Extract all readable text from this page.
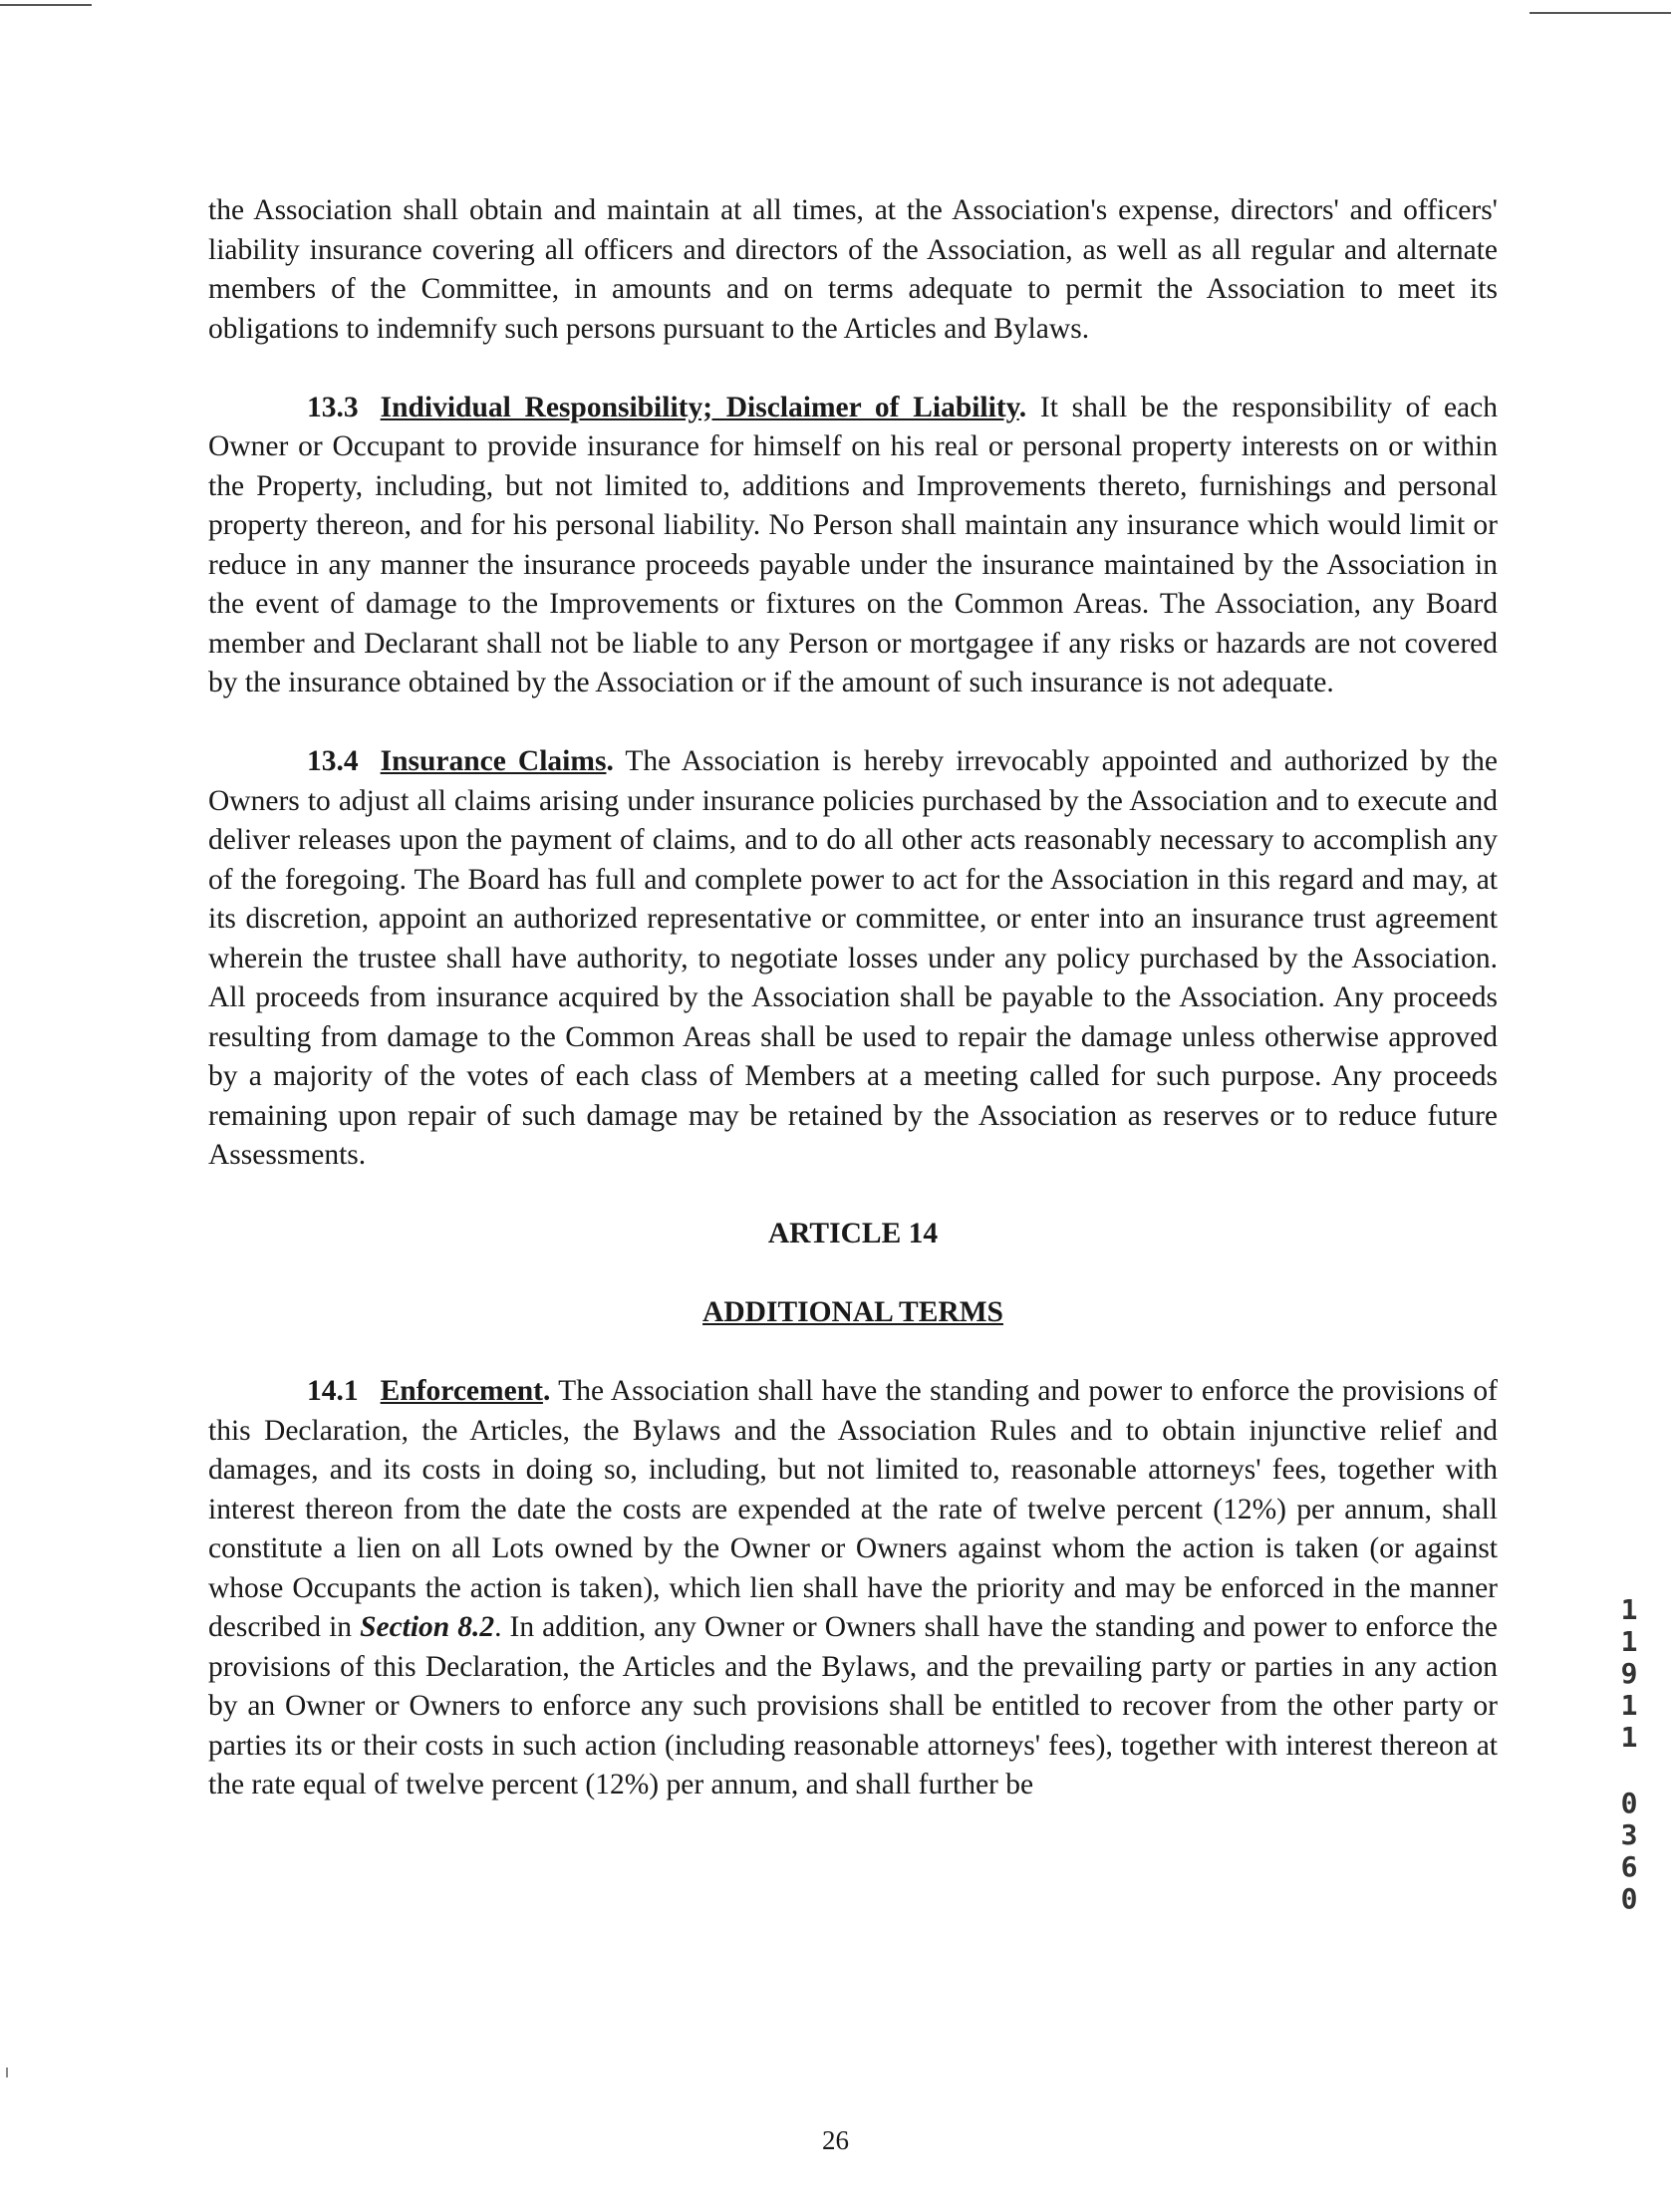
the Association shall obtain and maintain at all times, at the Association's expense, directors' and officers' liability insurance covering all officers and directors of the Association, as well as all regular and alternate members of the Committee, in amounts and on terms adequate to permit the Association to meet its obligations to indemnify such persons pursuant to the Articles and Bylaws.

13.3 Individual Responsibility; Disclaimer of Liability. It shall be the responsibility of each Owner or Occupant to provide insurance for himself on his real or personal property interests on or within the Property, including, but not limited to, additions and Improvements thereto, furnishings and personal property thereon, and for his personal liability. No Person shall maintain any insurance which would limit or reduce in any manner the insurance proceeds payable under the insurance maintained by the Association in the event of damage to the Improvements or fixtures on the Common Areas. The Association, any Board member and Declarant shall not be liable to any Person or mortgagee if any risks or hazards are not covered by the insurance obtained by the Association or if the amount of such insurance is not adequate.

13.4 Insurance Claims. The Association is hereby irrevocably appointed and authorized by the Owners to adjust all claims arising under insurance policies purchased by the Association and to execute and deliver releases upon the payment of claims, and to do all other acts reasonably necessary to accomplish any of the foregoing. The Board has full and complete power to act for the Association in this regard and may, at its discretion, appoint an authorized representative or committee, or enter into an insurance trust agreement wherein the trustee shall have authority, to negotiate losses under any policy purchased by the Association. All proceeds from insurance acquired by the Association shall be payable to the Association. Any proceeds resulting from damage to the Common Areas shall be used to repair the damage unless otherwise approved by a majority of the votes of each class of Members at a meeting called for such purpose. Any proceeds remaining upon repair of such damage may be retained by the Association as reserves or to reduce future Assessments.

ARTICLE 14

ADDITIONAL TERMS

14.1 Enforcement. The Association shall have the standing and power to enforce the provisions of this Declaration, the Articles, the Bylaws and the Association Rules and to obtain injunctive relief and damages, and its costs in doing so, including, but not limited to, reasonable attorneys' fees, together with interest thereon from the date the costs are expended at the rate of twelve percent (12%) per annum, shall constitute a lien on all Lots owned by the Owner or Owners against whom the action is taken (or against whose Occupants the action is taken), which lien shall have the priority and may be enforced in the manner described in Section 8.2. In addition, any Owner or Owners shall have the standing and power to enforce the provisions of this Declaration, the Articles and the Bylaws, and the prevailing party or parties in any action by an Owner or Owners to enforce any such provisions shall be entitled to recover from the other party or parties its or their costs in such action (including reasonable attorneys' fees), together with interest thereon at the rate equal of twelve percent (12%) per annum, and shall further be

1
1
9
1
1
0
3
6
0
26
